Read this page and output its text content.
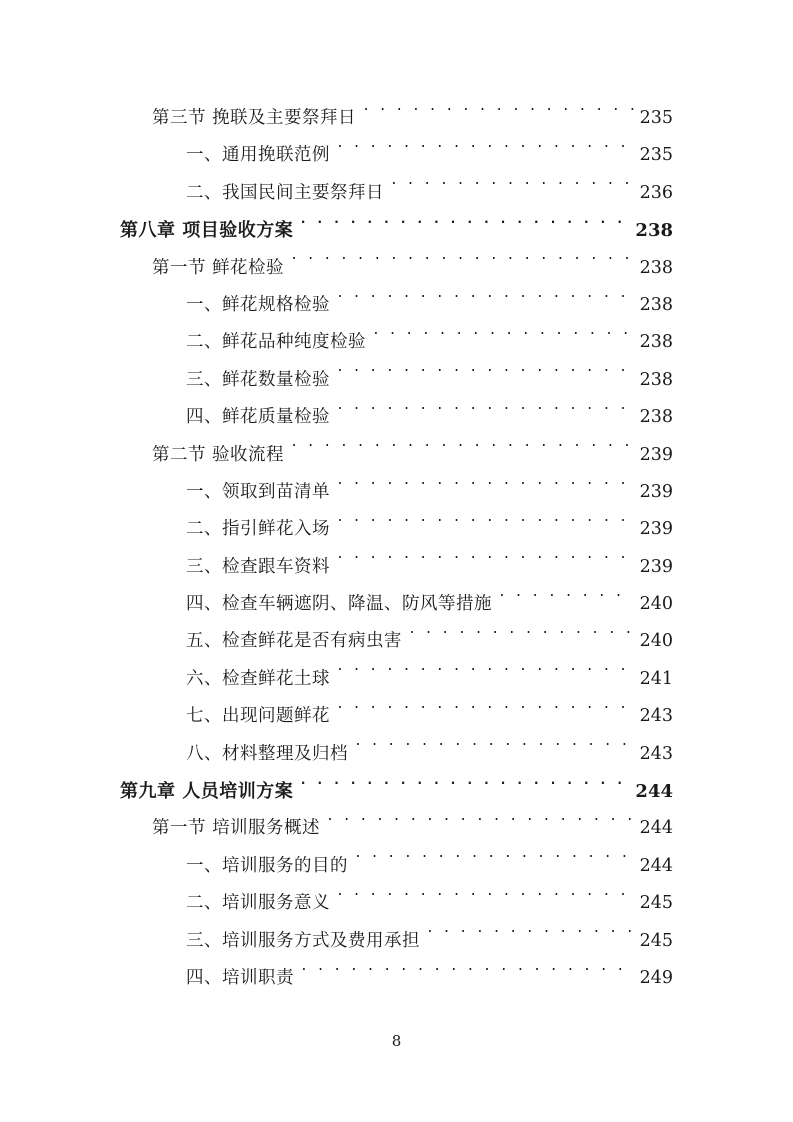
第三节 挽联及主要祭拜日 . . .	235
一、通用挽联范例 . . .	235
二、我国民间主要祭拜日 . . .	236
第八章 项目验收方案 . . .	238
第一节 鲜花检验 . . .	238
一、鲜花规格检验 . . .	238
二、鲜花品种纯度检验 . . .	238
三、鲜花数量检验 . . .	238
四、鲜花质量检验 . . .	238
第二节 验收流程 . . .	239
一、领取到苗清单 . . .	239
二、指引鲜花入场 . . .	239
三、检查跟车资料 . . .	239
四、检查车辆遮阴、降温、防风等措施 . . .	240
五、检查鲜花是否有病虫害 . . .	240
六、检查鲜花土球 . . .	241
七、出现问题鲜花 . . .	243
八、材料整理及归档 . . .	243
第九章 人员培训方案 . . .	244
第一节 培训服务概述 . . .	244
一、培训服务的目的 . . .	244
二、培训服务意义 . . .	245
三、培训服务方式及费用承担 . . .	245
四、培训职责 . . .	249
8
